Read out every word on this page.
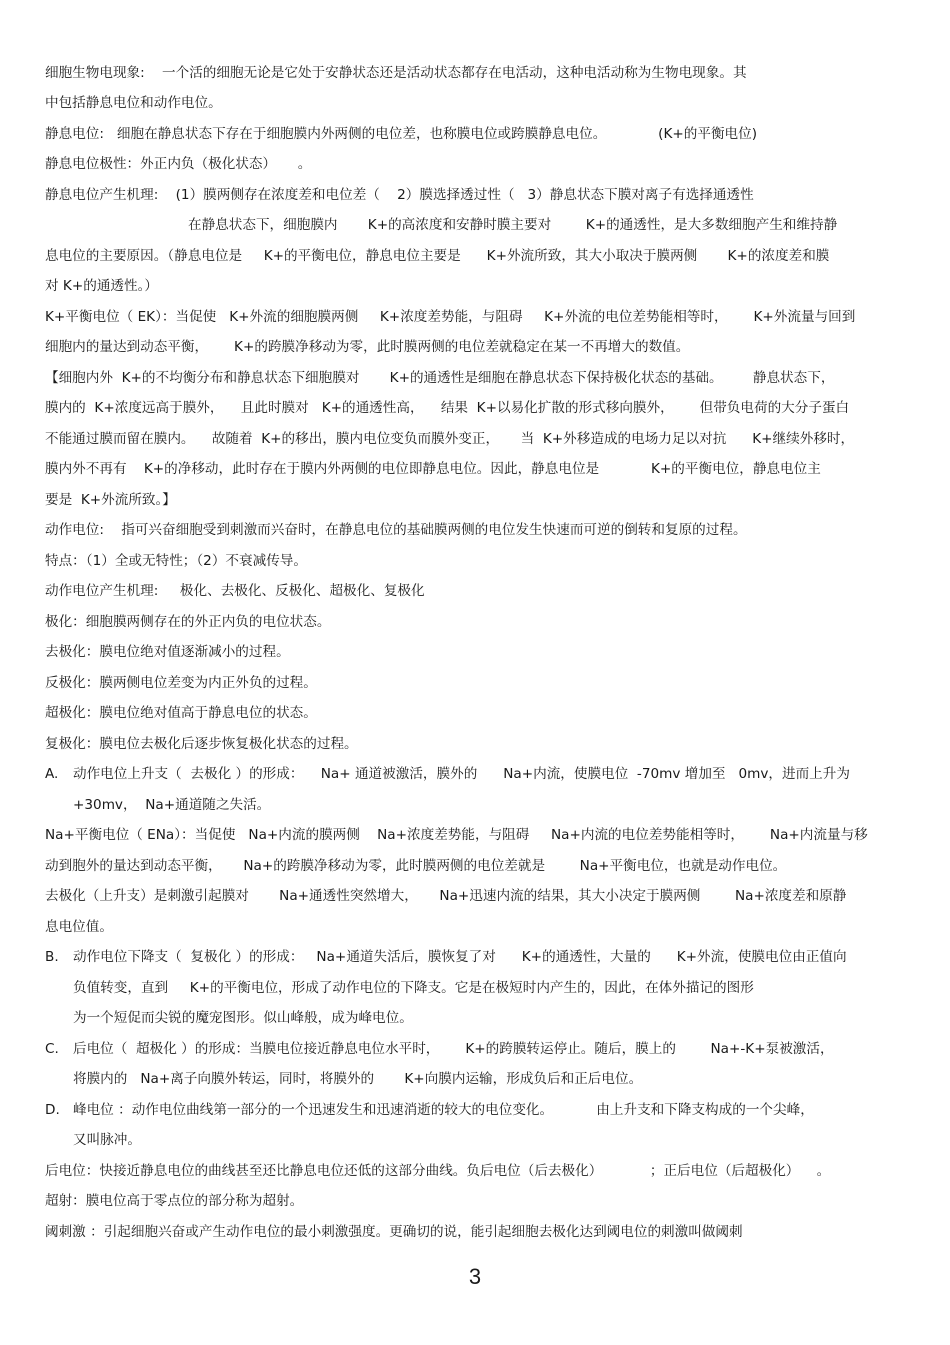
细胞生物电现象:    一个活的细胞无论是它处于安静状态还是活动状态都存在电活动，这种电活动称为生物电现象。其
中包括静息电位和动作电位。
静息电位:   细胞在静息状态下存在于细胞膜内外两侧的电位差，也称膜电位或跨膜静息电位。            (K+的平衡电位)
静息电位极性：外正内负（极化状态）     。
静息电位产生机理:    (1）膜两侧存在浓度差和电位差（    2）膜选择透过性（   3）静息状态下膜对离子有选择通透性
在静息状态下，细胞膜内       K+的高浓度和安静时膜主要对        K+的通透性，是大多数细胞产生和维持静
息电位的主要原因。（静息电位是     K+的平衡电位，静息电位主要是      K+外流所致，其大小取决于膜两侧       K+的浓度差和膜
对 K+的通透性。）
K+平衡电位（ EK）：当促使   K+外流的细胞膜两侧     K+浓度差势能，与阻碍     K+外流的电位差势能相等时，      K+外流量与回到
细胞内的量达到动态平衡，      K+的跨膜净移动为零，此时膜两侧的电位差就稳定在某一不再增大的数值。
【细胞内外  K+的不均衡分布和静息状态下细胞膜对       K+的通透性是细胞在静息状态下保持极化状态的基础。       静息状态下，
膜内的  K+浓度远高于膜外，    且此时膜对   K+的通透性高，    结果  K+以易化扩散的形式移向膜外，      但带负电荷的大分子蛋白
不能通过膜而留在膜内。    故随着  K+的移出，膜内电位变负而膜外变正，     当  K+外移造成的电场力足以对抗      K+继续外移时，
膜内外不再有    K+的净移动，此时存在于膜内外两侧的电位即静息电位。因此，静息电位是            K+的平衡电位，静息电位主
要是  K+外流所致。】
动作电位:    指可兴奋细胞受到刺激而兴奋时，在静息电位的基础膜两侧的电位发生快速而可逆的倒转和复原的过程。
特点：（1）全或无特性；（2）不衰减传导。
动作电位产生机理:     极化、去极化、反极化、超极化、复极化
极化：细胞膜两侧存在的外正内负的电位状态。
去极化：膜电位绝对值逐渐减小的过程。
反极化：膜两侧电位差变为内正外负的过程。
超极化：膜电位绝对值高于静息电位的状态。
复极化：膜电位去极化后逐步恢复极化状态的过程。
A. 动作电位上升支（  去极化 ）的形成：    Na+ 通道被激活，膜外的      Na+内流，使膜电位  -70mv 增加至   0mv，进而上升为
+30mv，  Na+通道随之失活。
Na+平衡电位（ ENa）：当促使   Na+内流的膜两侧    Na+浓度差势能，与阻碍     Na+内流的电位差势能相等时，      Na+内流量与移
动到胞外的量达到动态平衡，     Na+的跨膜净移动为零，此时膜两侧的电位差就是        Na+平衡电位，也就是动作电位。
去极化（上升支）是刺激引起膜对       Na+通透性突然增大，     Na+迅速内流的结果，其大小决定于膜两侧        Na+浓度差和原静
息电位值。
B. 动作电位下降支（  复极化 ）的形成：   Na+通道失活后，膜恢复了对      K+的通透性，大量的      K+外流，使膜电位由正值向
负值转变，直到     K+的平衡电位，形成了动作电位的下降支。它是在极短时内产生的，因此，在体外描记的图形
为一个短促而尖锐的魔宠图形。似山峰般，成为峰电位。
C. 后电位（  超极化 ）的形成：当膜电位接近静息电位水平时，      K+的跨膜转运停止。随后，膜上的        Na+-K+泵被激活，
将膜内的   Na+离子向膜外转运，同时，将膜外的       K+向膜内运输，形成负后和正后电位。
D. 峰电位 ：动作电位曲线第一部分的一个迅速发生和迅速消逝的较大的电位变化。          由上升支和下降支构成的一个尖峰，
又叫脉冲。
后电位：快接近静息电位的曲线甚至还比静息电位还低的这部分曲线。负后电位（后去极化）           ；正后电位（后超极化）    。
超射：膜电位高于零点位的部分称为超射。
阈刺激 ：引起细胞兴奋或产生动作电位的最小刺激强度。更确切的说，能引起细胞去极化达到阈电位的刺激叫做阈刺
3
